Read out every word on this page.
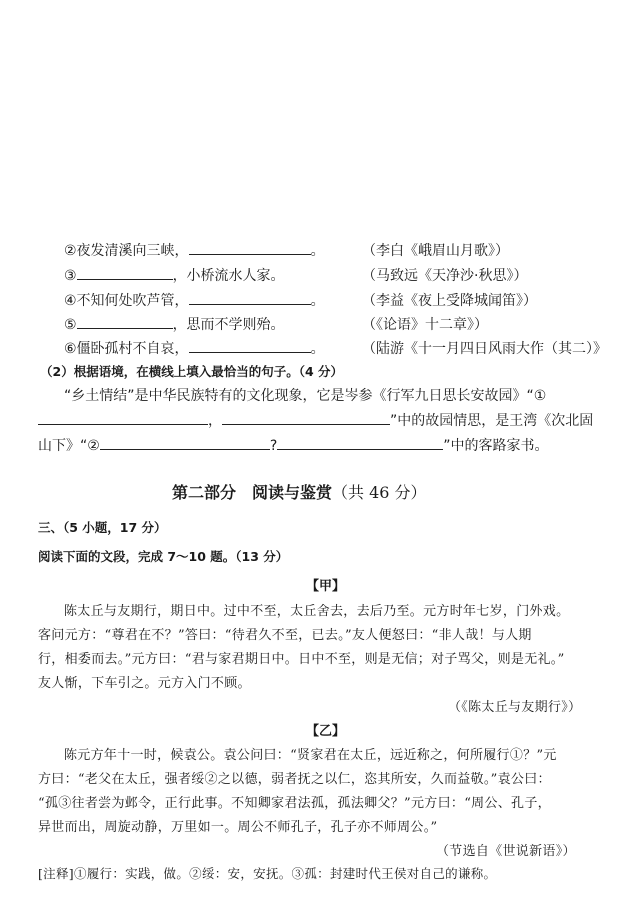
②夜发清溪向三峡，	。	（李白《峨眉山月歌》）
③	，小桥流水人家。	（马致远《天净沙·秋思》）
④不知何处吹芦管，	。	（李益《夜上受降城闻笛》）
⑤	，思而不学则殆。	（《论语》十二章》）
⑥僵卧孤村不自哀，	。	（陆游《十一月四日风雨大作（其二）》
（2）根据语境，在横线上填入最恰当的句子。（4 分）
“乡土情结”是中华民族特有的文化现象，它是岑参《行军九日思长安故园》“①
，	”中的故园情思，是王湾《次北固
山下》“②	?	”中的客路家书。
第二部分　阅读与鉴赏（共 46 分）
三、（5 小题，17 分）
阅读下面的文段，完成 7～10 题。（13 分）
【甲】
陈太丘与友期行，期日中。过中不至，太丘舍去，去后乃至。元方时年七岁，门外戏。
客问元方：“尊君在不？”答曰：“待君久不至，已去。”友人便怒曰：“非人哉！与人期
行，相委而去。”元方曰：“君与家君期日中。日中不至，则是无信；对子骂父，则是无礼。”
友人惭，下车引之。元方入门不顾。
（《陈太丘与友期行》）
【乙】
陈元方年十一时，候袁公。袁公问曰：“贤家君在太丘，远近称之，何所履行①？”元
方曰：“老父在太丘，强者绥②之以德，弱者抚之以仁，恣其所安，久而益敬。”袁公曰：
“孤③往者尝为邺令，正行此事。不知卿家君法孤，孤法卿父？”元方曰：“周公、孔子，
异世而出，周旋动静，万里如一。周公不师孔子，孔子亦不师周公。”
（节选自《世说新语》）
[注释]①履行：实践，做。②绥：安，安抚。③孤：封建时代王侯对自己的谦称。
